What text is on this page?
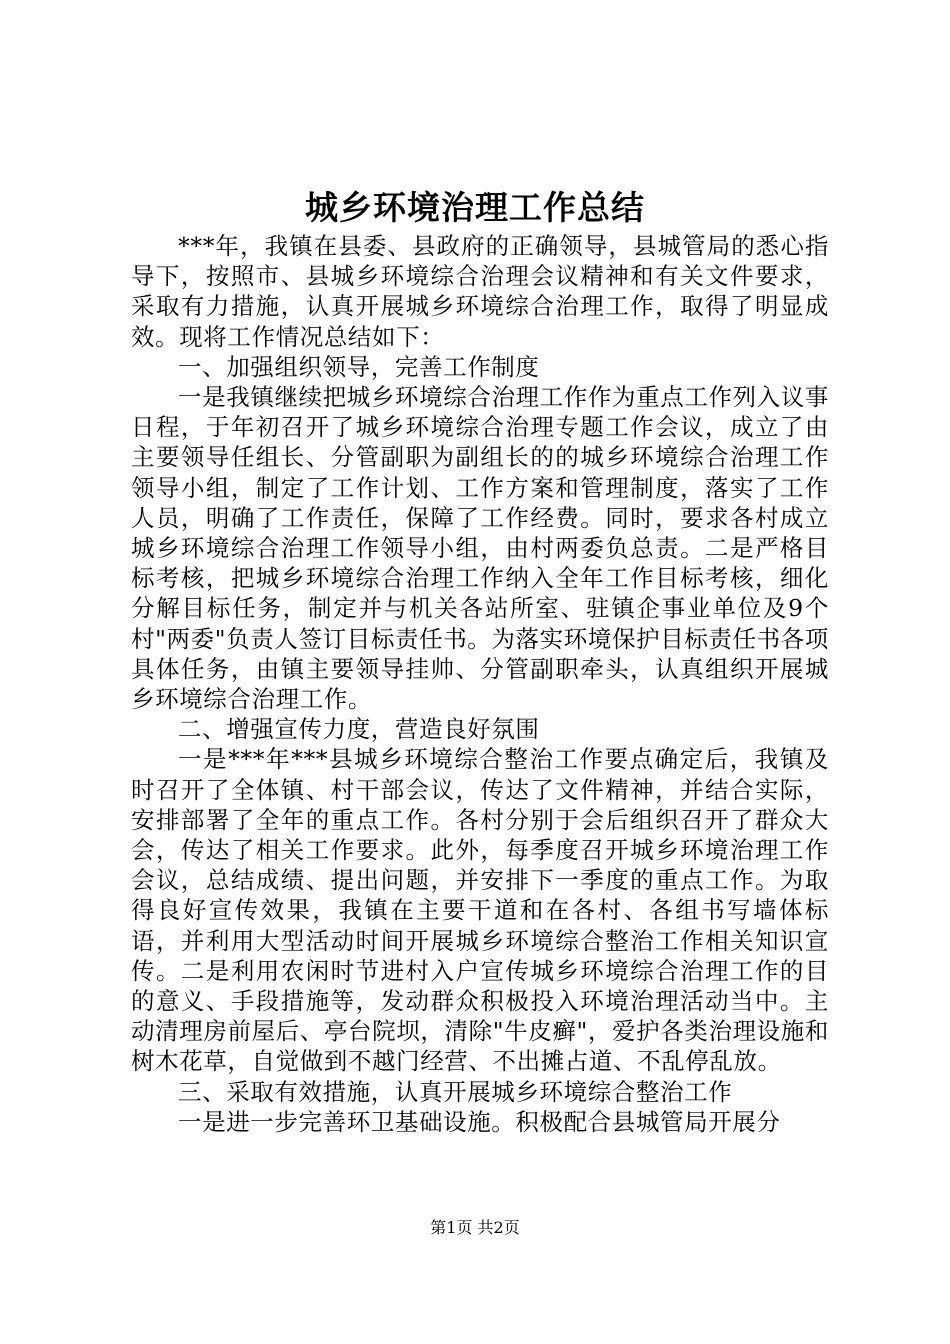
城乡环境治理工作总结

***年，我镇在县委、县政府的正确领导，县城管局的悉心指导下，按照市、县城乡环境综合治理会议精神和有关文件要求，采取有力措施，认真开展城乡环境综合治理工作，取得了明显成效。现将工作情况总结如下：

一、加强组织领导，完善工作制度

一是我镇继续把城乡环境综合治理工作作为重点工作列入议事日程，于年初召开了城乡环境综合治理专题工作会议，成立了由主要领导任组长、分管副职为副组长的的城乡环境综合治理工作领导小组，制定了工作计划、工作方案和管理制度，落实了工作人员，明确了工作责任，保障了工作经费。同时，要求各村成立城乡环境综合治理工作领导小组，由村两委负总责。二是严格目标考核，把城乡环境综合治理工作纳入全年工作目标考核，细化分解目标任务，制定并与机关各站所室、驻镇企事业单位及9个村"两委"负责人签订目标责任书。为落实环境保护目标责任书各项具体任务，由镇主要领导挂帅、分管副职牵头，认真组织开展城乡环境综合治理工作。

二、增强宣传力度，营造良好氛围

一是***年***县城乡环境综合整治工作要点确定后，我镇及时召开了全体镇、村干部会议，传达了文件精神，并结合实际，安排部署了全年的重点工作。各村分别于会后组织召开了群众大会，传达了相关工作要求。此外，每季度召开城乡环境治理工作会议，总结成绩、提出问题，并安排下一季度的重点工作。为取得良好宣传效果，我镇在主要干道和在各村、各组书写墙体标语，并利用大型活动时间开展城乡环境综合整治工作相关知识宣传。二是利用农闲时节进村入户宣传城乡环境综合治理工作的目的意义、手段措施等，发动群众积极投入环境治理活动当中。主动清理房前屋后、亭台院坝，清除"牛皮癣"，爱护各类治理设施和树木花草，自觉做到不越门经营、不出摊占道、不乱停乱放。

三、采取有效措施，认真开展城乡环境综合整治工作

一是进一步完善环卫基础设施。积极配合县城管局开展分

第1页 共2页
